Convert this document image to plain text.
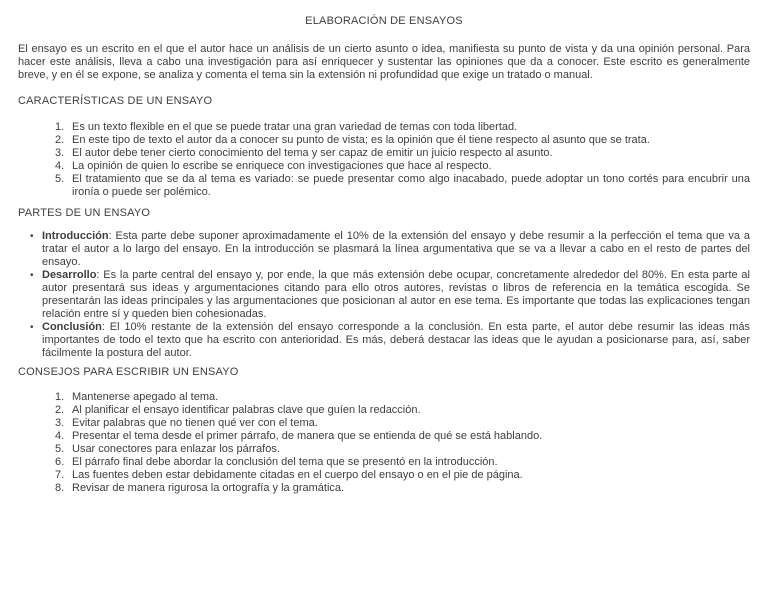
ELABORACIÓN DE ENSAYOS

El ensayo es un escrito en el que el autor hace un análisis de un cierto asunto o idea, manifiesta su punto de vista y da una opinión personal. Para hacer este análisis, lleva a cabo una investigación para así enriquecer y sustentar las opiniones que da a conocer. Este escrito es generalmente breve, y en él se expone, se analiza y comenta el tema sin la extensión ni profundidad que exige un tratado o manual.

CARACTERÍSTICAS DE UN ENSAYO
1. Es un texto flexible en el que se puede tratar una gran variedad de temas con toda libertad.
2. En este tipo de texto el autor da a conocer su punto de vista; es la opinión que él tiene respecto al asunto que se trata.
3. El autor debe tener cierto conocimiento del tema y ser capaz de emitir un juicio respecto al asunto.
4. La opinión de quien lo escribe se enriquece con investigaciones que hace al respecto.
5. El tratamiento que se da al tema es variado: se puede presentar como algo inacabado, puede adoptar un tono cortés para encubrir una ironía o puede ser polémico.
PARTES DE UN ENSAYO
• Introducción: Esta parte debe suponer aproximadamente el 10% de la extensión del ensayo y debe resumir a la perfección el tema que va a tratar el autor a lo largo del ensayo. En la introducción se plasmará la línea argumentativa que se va a llevar a cabo en el resto de partes del ensayo.
• Desarrollo: Es la parte central del ensayo y, por ende, la que más extensión debe ocupar, concretamente alrededor del 80%. En esta parte al autor presentará sus ideas y argumentaciones citando para ello otros autores, revistas o libros de referencia en la temática escogida. Se presentarán las ideas principales y las argumentaciones que posicionan al autor en ese tema. Es importante que todas las explicaciones tengan relación entre sí y queden bien cohesionadas.
• Conclusión: El 10% restante de la extensión del ensayo corresponde a la conclusión. En esta parte, el autor debe resumir las ideas más importantes de todo el texto que ha escrito con anterioridad. Es más, deberá destacar las ideas que le ayudan a posicionarse para, así, saber fácilmente la postura del autor.
CONSEJOS PARA ESCRIBIR UN ENSAYO
1. Mantenerse apegado al tema.
2. Al planificar el ensayo identificar palabras clave que guíen la redacción.
3. Evitar palabras que no tienen qué ver con el tema.
4. Presentar el tema desde el primer párrafo, de manera que se entienda de qué se está hablando.
5. Usar conectores para enlazar los párrafos.
6. El párrafo final debe abordar la conclusión del tema que se presentó en la introducción.
7. Las fuentes deben estar debidamente citadas en el cuerpo del ensayo o en el pie de página.
8. Revisar de manera rigurosa la ortografía y la gramática.
